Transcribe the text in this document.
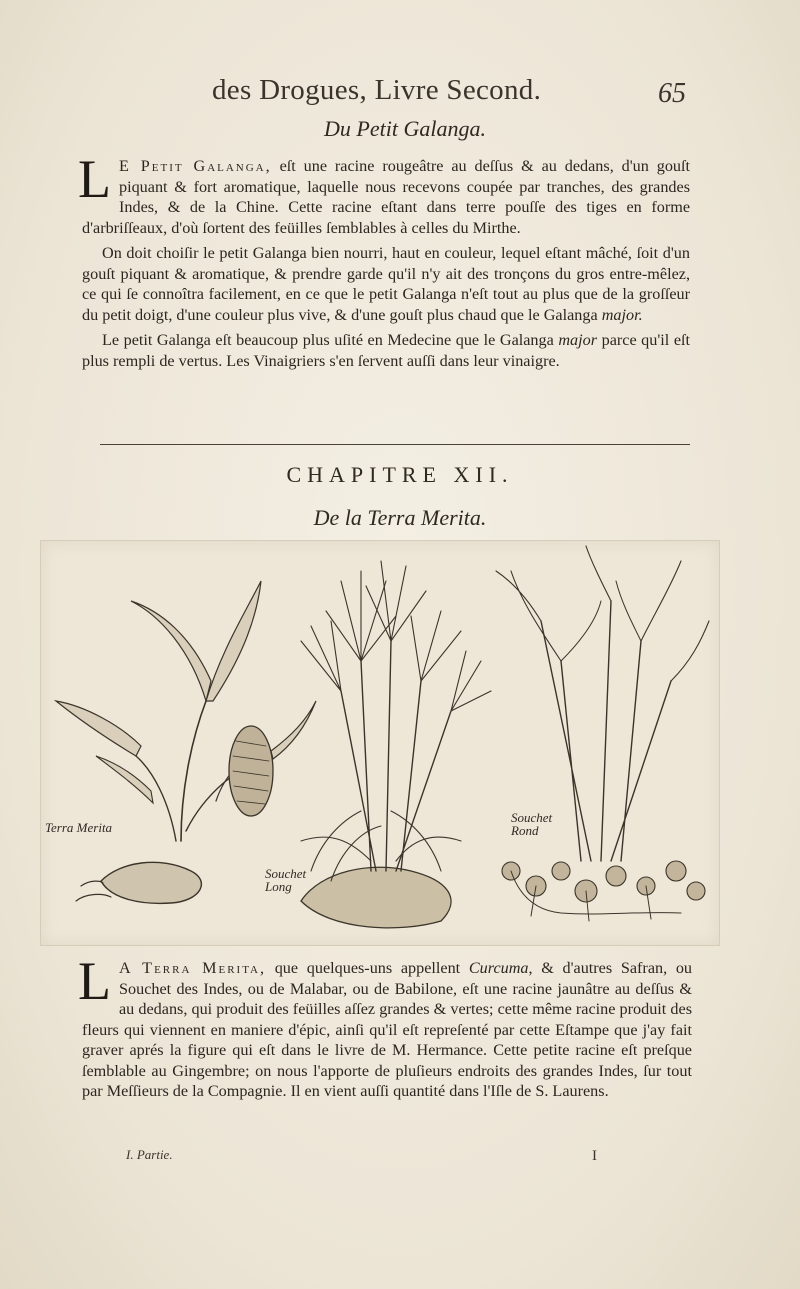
des Drogues, Livre Second.	65
Du Petit Galanga.

L E Petit Galanga, eſt une racine rougeâtre au deſſus & au dedans, d'un gouſt piquant & fort aromatique, laquelle nous recevons coupée par tranches, des grandes Indes, & de la Chine. Cette racine eſtant dans terre pouſſe des tiges en forme d'arbriſſeaux, d'où ſortent des feüilles ſemblables à celles du Mirthe.

On doit choiſir le petit Galanga bien nourri, haut en couleur, lequel eſtant mâché, ſoit d'un gouſt piquant & aromatique, & prendre garde qu'il n'y ait des tronçons du gros entre-mêlez, ce qui ſe connoîtra facilement, en ce que le petit Galanga n'eſt tout au plus que de la groſſeur du petit doigt, d'une couleur plus vive, & d'une gouſt plus chaud que le Galanga major.

Le petit Galanga eſt beaucoup plus uſité en Medecine que le Galanga major parce qu'il eſt plus rempli de vertus. Les Vinaigriers s'en ſervent auſſi dans leur vinaigre.

CHAPITRE XII.
De la Terra Merita.
Terra Merita
Souchet Long
Souchet Rond

L A Terra Merita, que quelques-uns appellent Curcuma, & d'autres Safran, ou Souchet des Indes, ou de Malabar, ou de Babilone, eſt une racine jaunâtre au deſſus & au dedans, qui produit des feüilles aſſez grandes & vertes; cette même racine produit des fleurs qui viennent en maniere d'épic, ainſi qu'il eſt repreſenté par cette Eſtampe que j'ay fait graver aprés la figure qui eſt dans le livre de M. Hermance. Cette petite racine eſt preſque ſemblable au Gingembre; on nous l'apporte de pluſieurs endroits des grandes Indes, ſur tout par Meſſieurs de la Compagnie. Il en vient auſſi quantité dans l'Iſle de S. Laurens.

I. Partie.	I
